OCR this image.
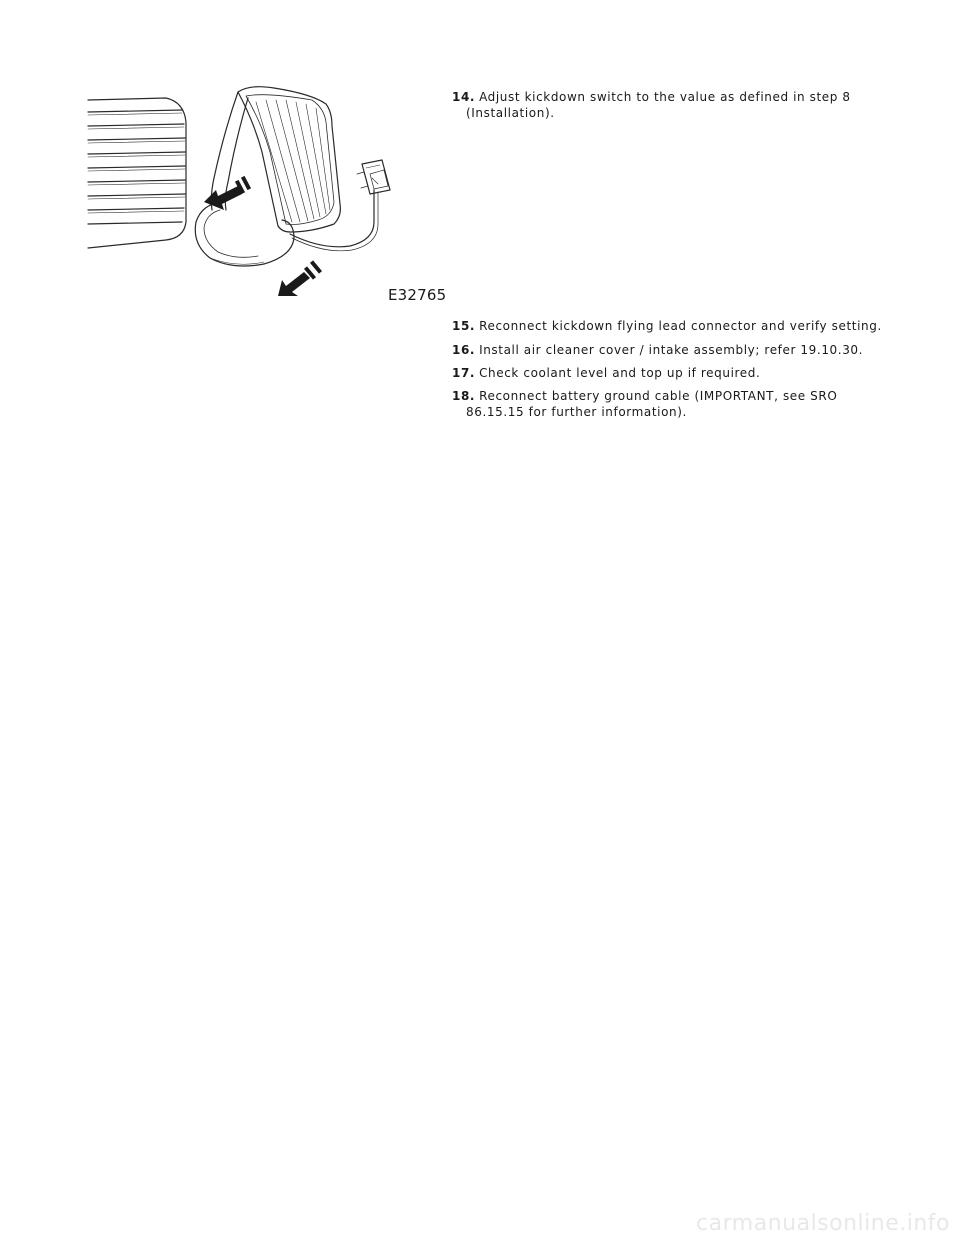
E32765
14. Adjust kickdown switch to the value as defined in step 8
(Installation).
15. Reconnect kickdown flying lead connector and verify setting.
16. Install air cleaner cover / intake assembly; refer 19.10.30.
17. Check coolant level and top up if required.
18. Reconnect battery ground cable (IMPORTANT, see SRO
86.15.15 for further information).
carmanualsonline.info
